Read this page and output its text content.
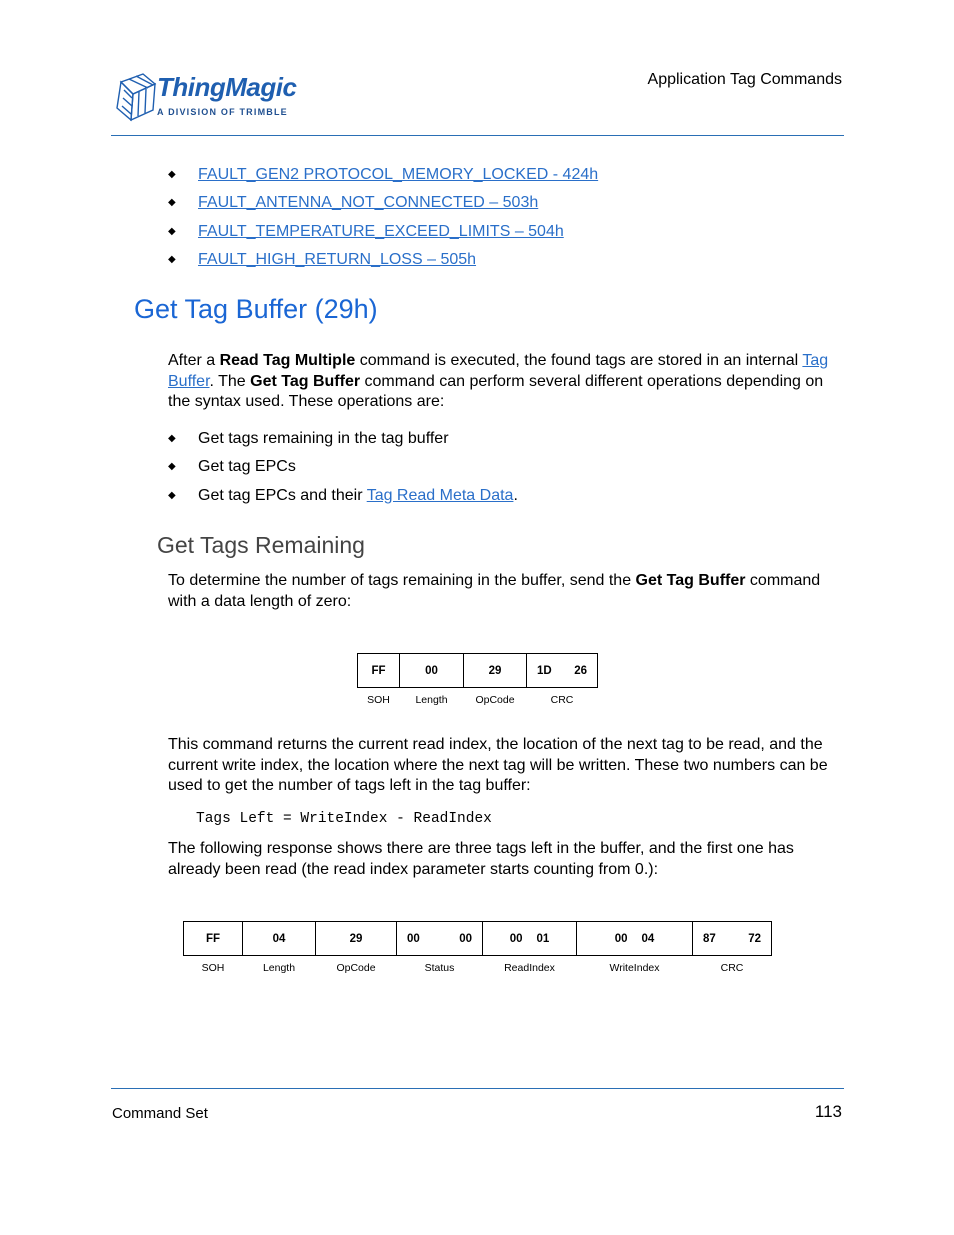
ThingMagic
A DIVISION OF TRIMBLE
Application Tag Commands
◆ FAULT_GEN2 PROTOCOL_MEMORY_LOCKED - 424h
◆ FAULT_ANTENNA_NOT_CONNECTED – 503h
◆ FAULT_TEMPERATURE_EXCEED_LIMITS – 504h
◆ FAULT_HIGH_RETURN_LOSS – 505h
Get Tag Buffer (29h)
After a Read Tag Multiple command is executed, the found tags are stored in an internal Tag Buffer. The Get Tag Buffer command can perform several different operations depending on the syntax used. These operations are:
◆ Get tags remaining in the tag buffer
◆ Get tag EPCs
◆ Get tag EPCs and their Tag Read Meta Data.
Get Tags Remaining
To determine the number of tags remaining in the buffer, send the Get Tag Buffer command with a data length of zero:
FF	00	29	1D 26

SOH	Length	OpCode	CRC
This command returns the current read index, the location of the next tag to be read, and the current write index, the location where the next tag will be written. These two numbers can be used to get the number of tags left in the tag buffer:
Tags Left = WriteIndex - ReadIndex
The following response shows there are three tags left in the buffer, and the first one has already been read (the read index parameter starts counting from 0.):
FF	04	29	00 00	00 01	00 04	87 72

SOH	Length	OpCode	Status	ReadIndex	WriteIndex	CRC
Command Set	113
